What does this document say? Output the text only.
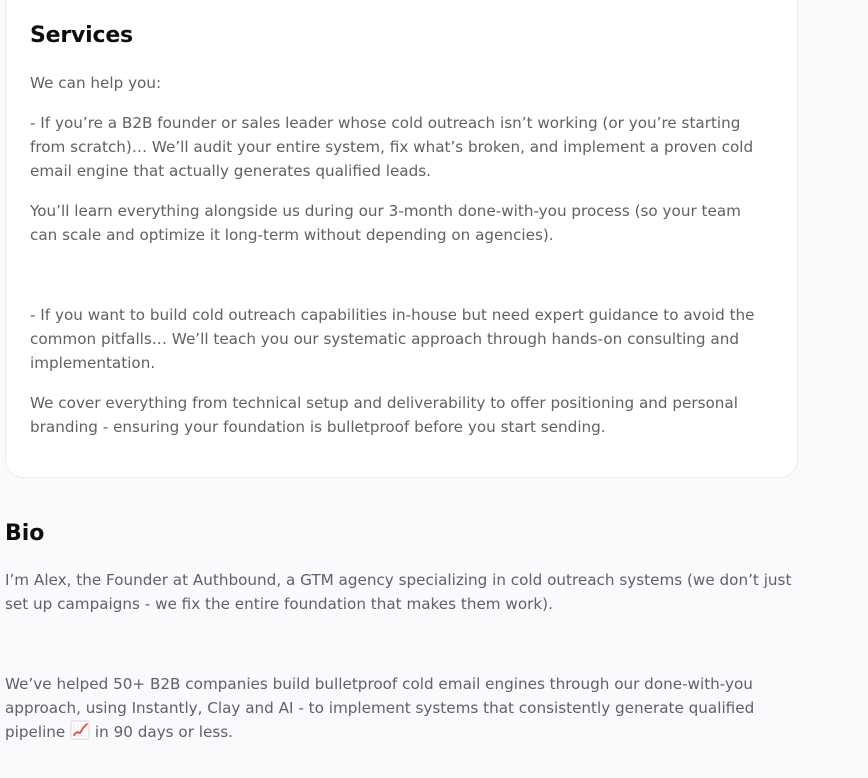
Services

We can help you:

- If you’re a B2B founder or sales leader whose cold outreach isn’t working (or you’re starting from scratch)… We’ll audit your entire system, fix what’s broken, and implement a proven cold email engine that actually generates qualified leads.

You’ll learn everything alongside us during our 3-month done-with-you process (so your team can scale and optimize it long-term without depending on agencies).

- If you want to build cold outreach capabilities in-house but need expert guidance to avoid the common pitfalls… We’ll teach you our systematic approach through hands-on consulting and implementation.

We cover everything from technical setup and deliverability to offer positioning and personal branding - ensuring your foundation is bulletproof before you start sending.

Bio

I’m Alex, the Founder at Authbound, a GTM agency specializing in cold outreach systems (we don’t just set up campaigns - we fix the entire foundation that makes them work).

We’ve helped 50+ B2B companies build bulletproof cold email engines through our done-with-you approach, using Instantly, Clay and AI - to implement systems that consistently generate qualified pipeline  in 90 days or less.
